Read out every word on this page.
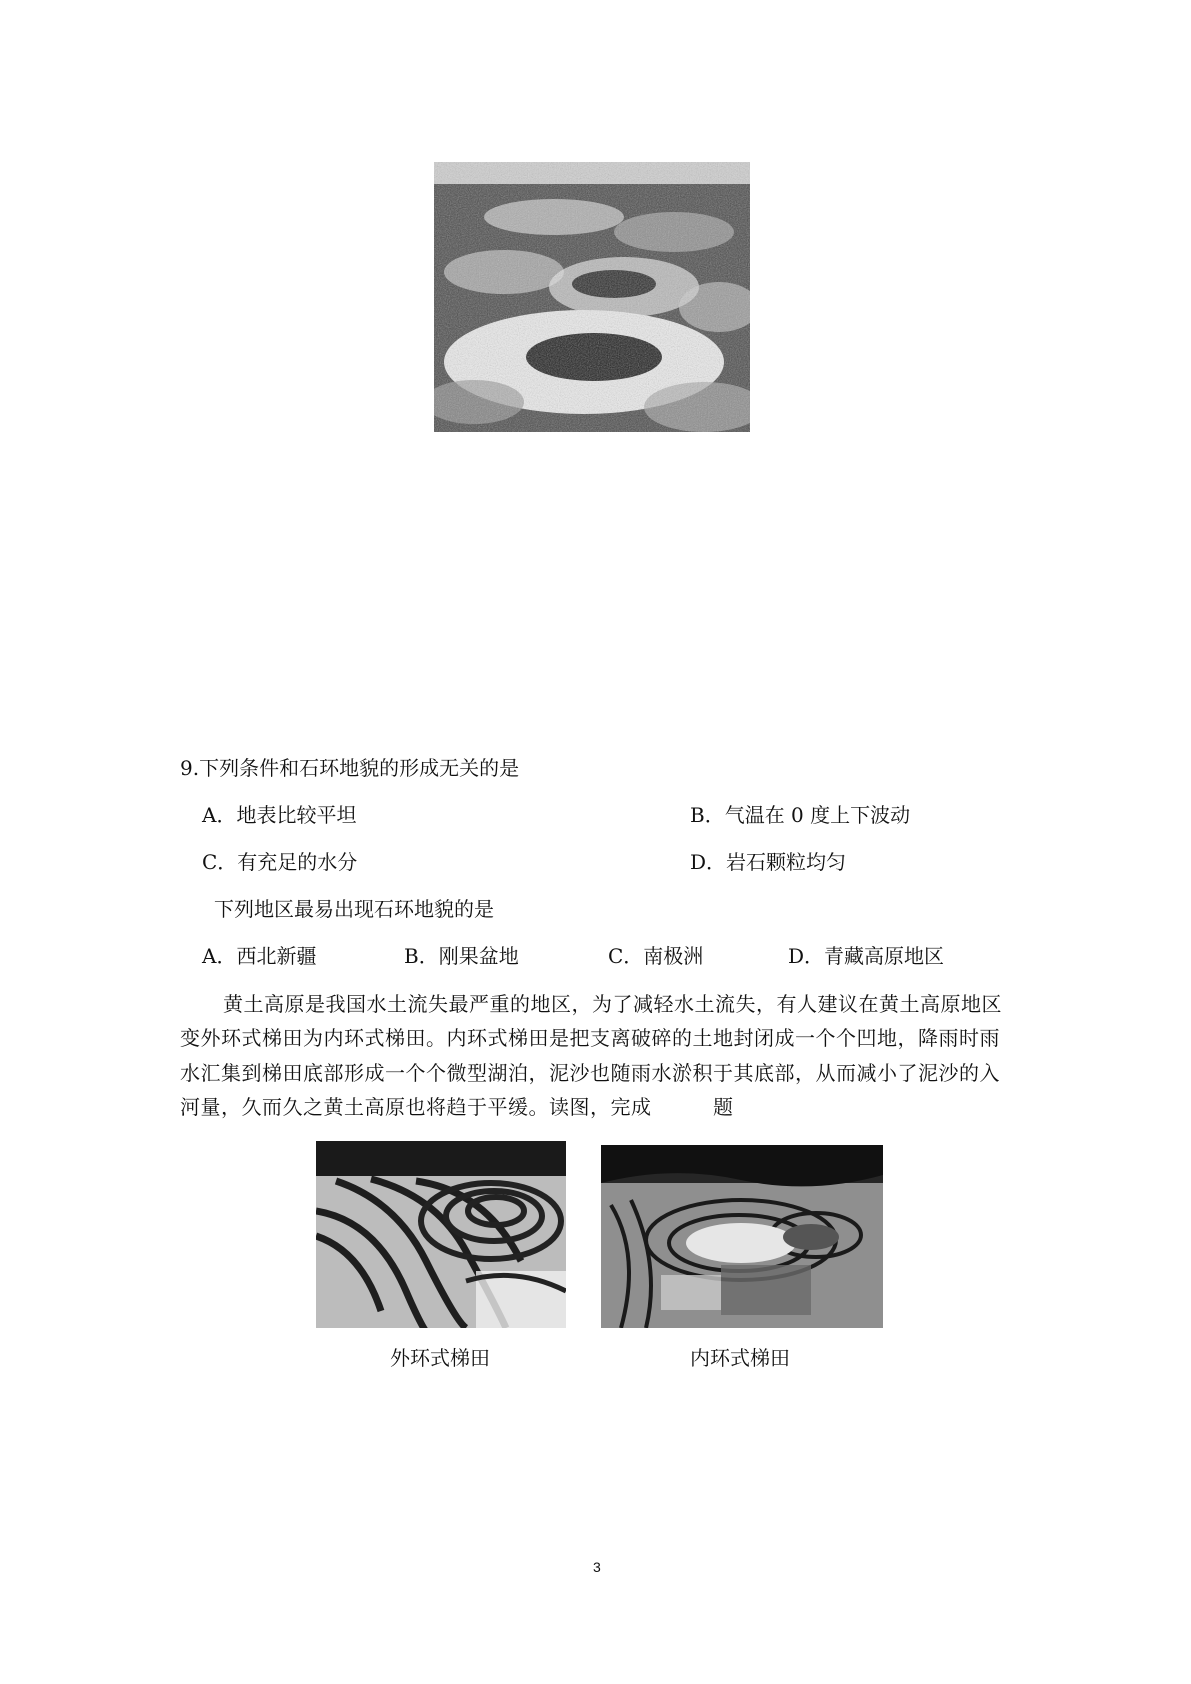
9.下列条件和石环地貌的形成无关的是
A．地表比较平坦	B．气温在 0 度上下波动
C．有充足的水分	D．岩石颗粒均匀
下列地区最易出现石环地貌的是
A．西北新疆	B．刚果盆地	C．南极洲	D．青藏高原地区
黄土高原是我国水土流失最严重的地区，为了减轻水土流失，有人建议在黄土高原地区
变外环式梯田为内环式梯田。内环式梯田是把支离破碎的土地封闭成一个个凹地，降雨时雨
水汇集到梯田底部形成一个个微型湖泊，泥沙也随雨水淤积于其底部，从而减小了泥沙的入
河量，久而久之黄土高原也将趋于平缓。读图，完成　　　题
外环式梯田	内环式梯田
3
